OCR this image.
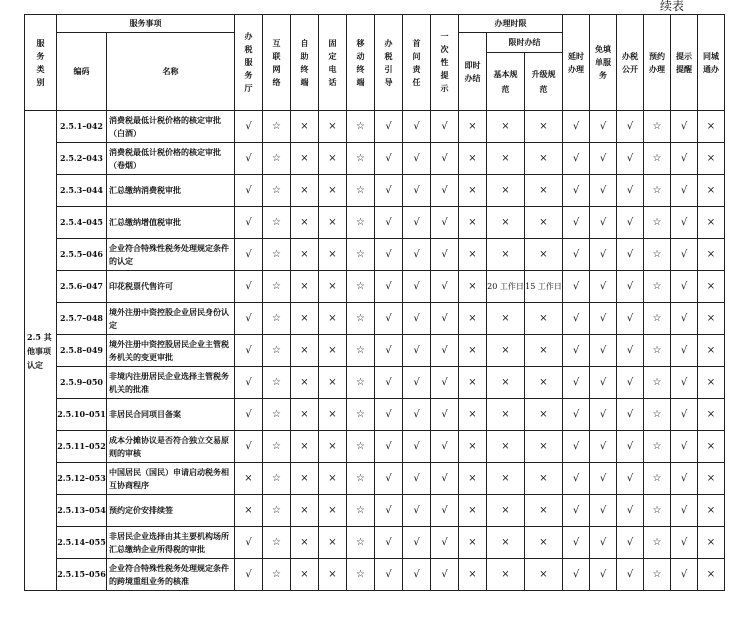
续表
服务类别	服务事项		办税服务厅	互联网络	自助终端	固定电话	移动终端	办税引导	首问责任	一次性提示	办理时限			延时办理	免填单服务	办税公开	预约办理	提示提醒	同城通办
	编码	名称									即时办结	限时办结							
												基本规范	升级规范						
2.5 其他事项认定	2.5.1–042	消费税最低计税价格的核定审批（白酒）	√	☆	×	×	☆	√	√	√	×	×	×	√	√	√	☆	√	×
	2.5.2–043	消费税最低计税价格的核定审批（卷烟）	√	☆	×	×	☆	√	√	√	×	×	×	√	√	√	☆	√	×
	2.5.3–044	汇总缴纳消费税审批	√	☆	×	×	☆	√	√	√	×	×	×	√	√	√	☆	√	×
	2.5.4–045	汇总缴纳增值税审批	√	☆	×	×	☆	√	√	√	×	×	×	√	√	√	☆	√	×
	2.5.5–046	企业符合特殊性税务处理规定条件的认定	√	☆	×	×	☆	√	√	√	×	×	×	√	√	√	☆	√	×
	2.5.6–047	印花税票代售许可	√	☆	×	×	☆	√	√	√	×	20 工作日	15 工作日	√	√	√	☆	√	×
	2.5.7–048	境外注册中资控股企业居民身份认定	√	☆	×	×	☆	√	√	√	×	×	×	√	√	√	☆	√	×
	2.5.8–049	境外注册中资控股居民企业主管税务机关的变更审批	√	☆	×	×	☆	√	√	√	×	×	×	√	√	√	☆	√	×
	2.5.9–050	非境内注册居民企业选择主管税务机关的批准	√	☆	×	×	☆	√	√	√	×	×	×	√	√	√	☆	√	×
	2.5.10–051	非居民合同项目备案	√	☆	×	×	☆	√	√	√	×	×	×	√	√	√	☆	√	×
	2.5.11–052	成本分摊协议是否符合独立交易原则的审核	√	☆	×	×	☆	√	√	√	×	×	×	√	√	√	☆	√	×
	2.5.12–053	中国居民（国民）申请启动税务相互协商程序	×	☆	×	×	☆	√	√	√	×	×	×	√	√	√	☆	√	×
	2.5.13–054	预约定价安排续签	×	☆	×	×	☆	√	√	√	×	×	×	√	√	√	☆	√	×
	2.5.14–055	非居民企业选择由其主要机构场所汇总缴纳企业所得税的审批	√	☆	×	×	☆	√	√	√	×	×	×	√	√	√	☆	√	×
	2.5.15–056	企业符合特殊性税务处理规定条件的跨境重组业务的核准	√	☆	×	×	☆	√	√	√	×	×	×	√	√	√	☆	√	×
